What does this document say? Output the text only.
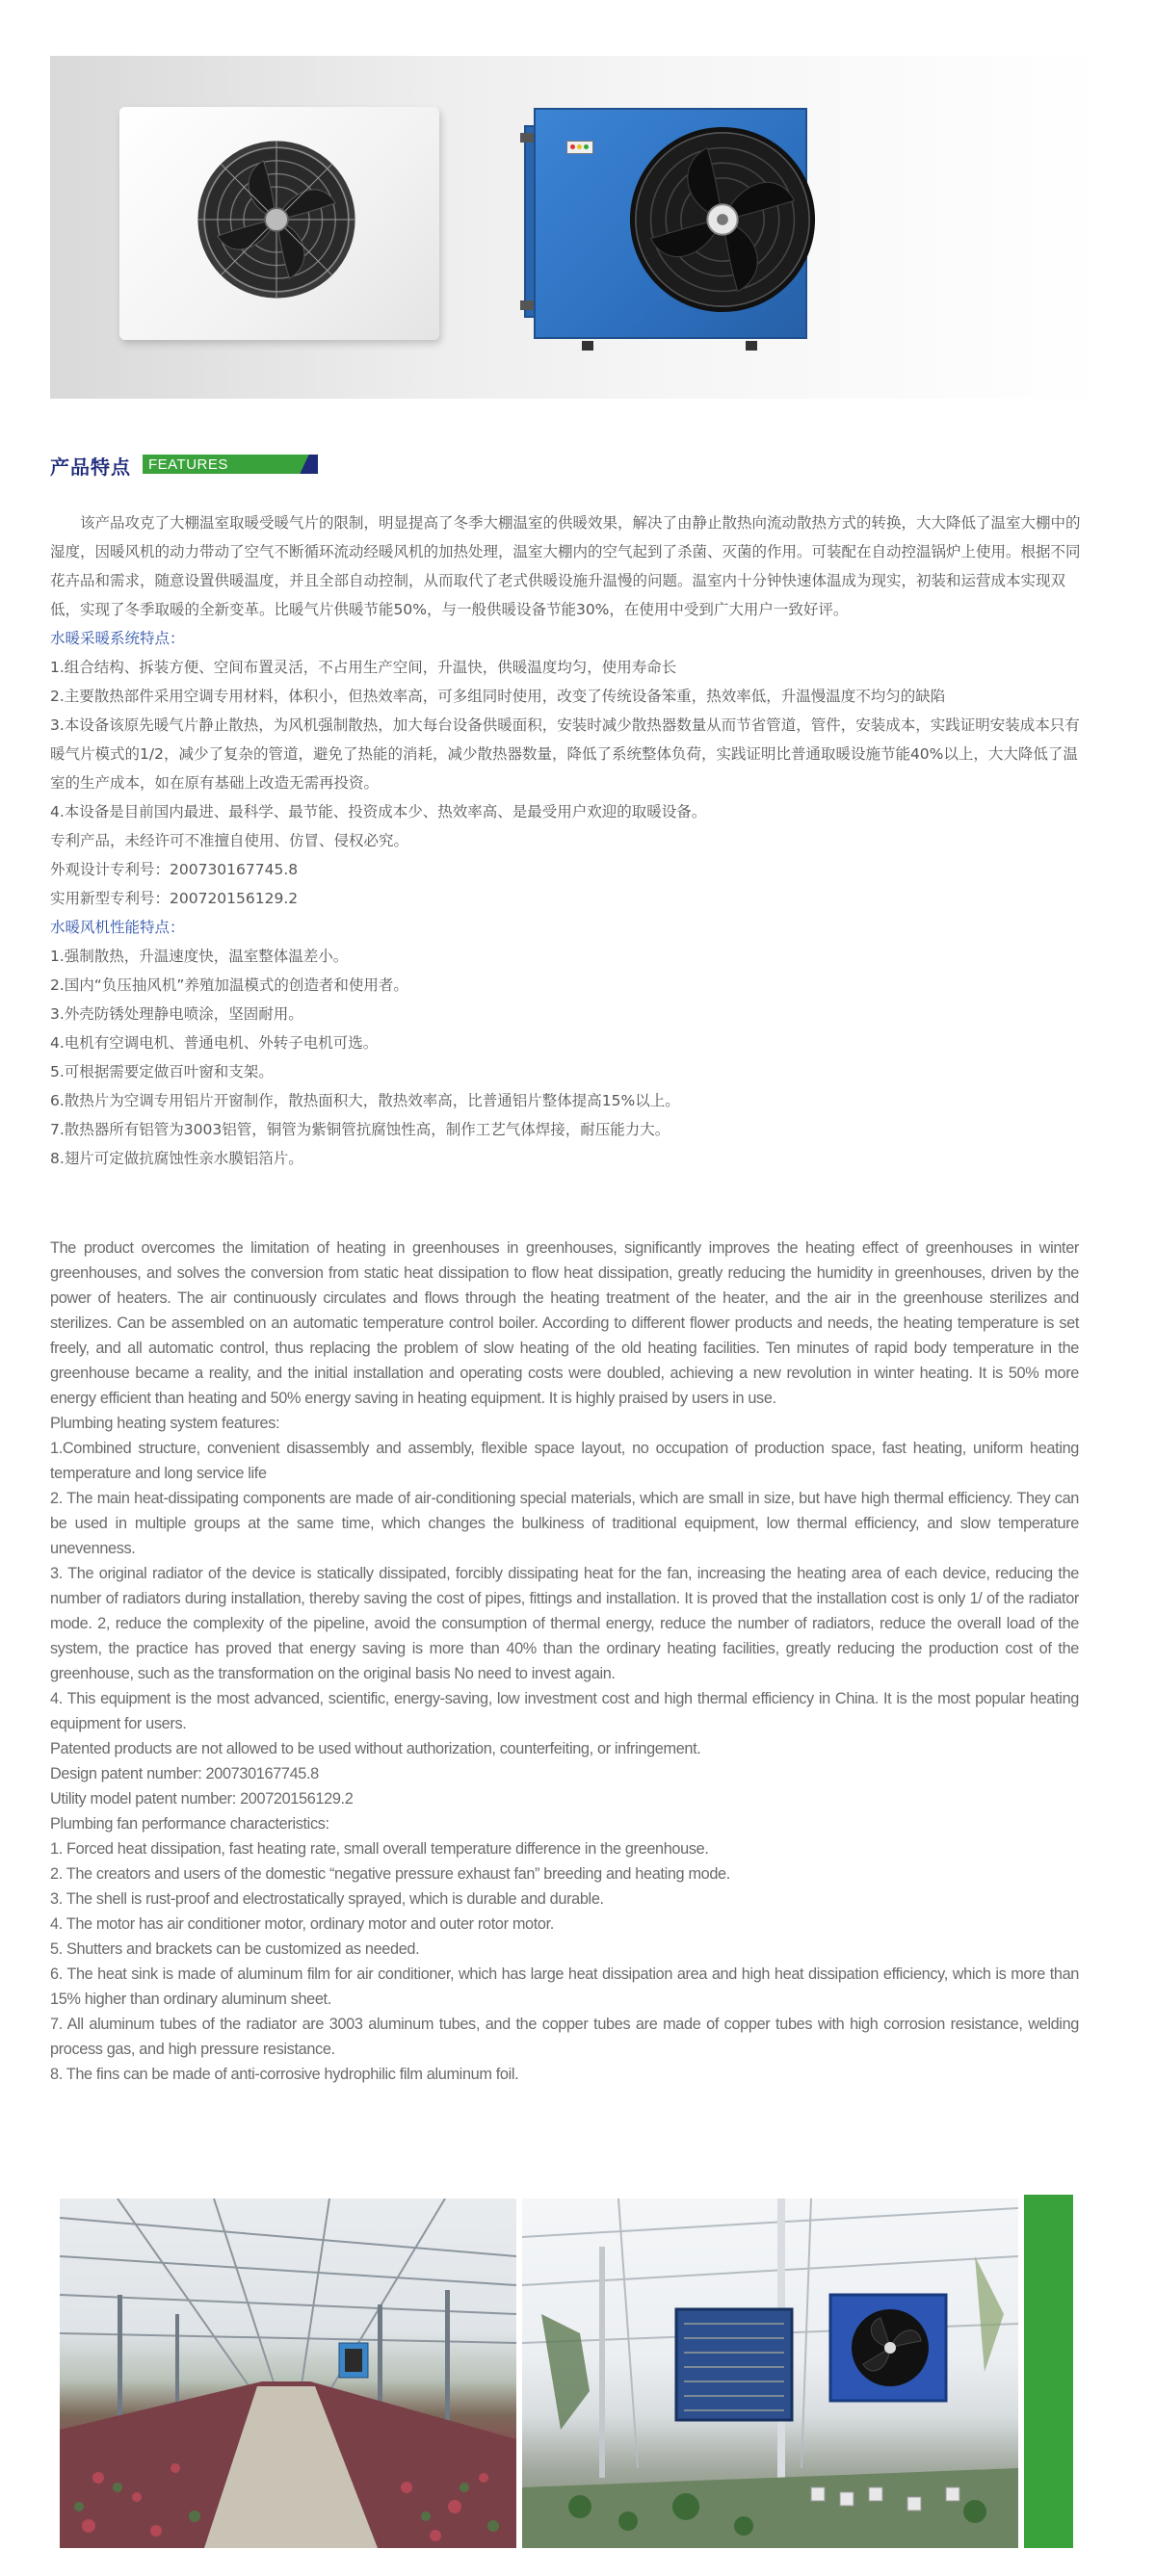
产品特点 FEATURES

该产品攻克了大棚温室取暖受暖气片的限制，明显提高了冬季大棚温室的供暖效果，解决了由静止散热向流动散热方式的转换，大大降低了温室大棚中的湿度，因暖风机的动力带动了空气不断循环流动经暖风机的加热处理，温室大棚内的空气起到了杀菌、灭菌的作用。可装配在自动控温锅炉上使用。根据不同花卉品和需求，随意设置供暖温度，并且全部自动控制，从而取代了老式供暖设施升温慢的问题。温室内十分钟快速体温成为现实，初装和运营成本实现双低，实现了冬季取暖的全新变革。比暖气片供暖节能50%，与一般供暖设备节能30%，在使用中受到广大用户一致好评。

水暖采暖系统特点：

1.组合结构、拆装方便、空间布置灵活，不占用生产空间，升温快，供暖温度均匀，使用寿命长

2.主要散热部件采用空调专用材料，体积小，但热效率高，可多组同时使用，改变了传统设备笨重，热效率低，升温慢温度不均匀的缺陷

3.本设备该原先暖气片静止散热，为风机强制散热，加大每台设备供暖面积，安装时减少散热器数量从而节省管道，管件，安装成本，实践证明安装成本只有暖气片模式的1/2，减少了复杂的管道，避免了热能的消耗，减少散热器数量，降低了系统整体负荷，实践证明比普通取暖设施节能40%以上，大大降低了温室的生产成本，如在原有基础上改造无需再投资。

4.本设备是目前国内最进、最科学、最节能、投资成本少、热效率高、是最受用户欢迎的取暖设备。

专利产品，未经许可不准擅自使用、仿冒、侵权必究。

外观设计专利号：200730167745.8

实用新型专利号：200720156129.2

水暖风机性能特点：

1.强制散热，升温速度快，温室整体温差小。

2.国内“负压抽风机”养殖加温模式的创造者和使用者。

3.外壳防锈处理静电喷涂，坚固耐用。

4.电机有空调电机、普通电机、外转子电机可选。

5.可根据需要定做百叶窗和支架。

6.散热片为空调专用铝片开窗制作，散热面积大，散热效率高，比普通铝片整体提高15%以上。

7.散热器所有铝管为3003铝管，铜管为紫铜管抗腐蚀性高，制作工艺气体焊接，耐压能力大。

8.翅片可定做抗腐蚀性亲水膜铝箔片。

The product overcomes the limitation of heating in greenhouses in greenhouses, significantly improves the heating effect of greenhouses in winter greenhouses, and solves the conversion from static heat dissipation to flow heat dissipation, greatly reducing the humidity in greenhouses, driven by the power of heaters. The air continuously circulates and flows through the heating treatment of the heater, and the air in the greenhouse sterilizes and sterilizes. Can be assembled on an automatic temperature control boiler. According to different flower products and needs, the heating temperature is set freely, and all automatic control, thus replacing the problem of slow heating of the old heating facilities. Ten minutes of rapid body temperature in the greenhouse became a reality, and the initial installation and operating costs were doubled, achieving a new revolution in winter heating. It is 50% more energy efficient than heating and 50% energy saving in heating equipment. It is highly praised by users in use.

Plumbing heating system features:

1.Combined structure, convenient disassembly and assembly, flexible space layout, no occupation of production space, fast heating, uniform heating temperature and long service life

2. The main heat-dissipating components are made of air-conditioning special materials, which are small in size, but have high thermal efficiency. They can be used in multiple groups at the same time, which changes the bulkiness of traditional equipment, low thermal efficiency, and slow temperature unevenness.

3. The original radiator of the device is statically dissipated, forcibly dissipating heat for the fan, increasing the heating area of each device, reducing the number of radiators during installation, thereby saving the cost of pipes, fittings and installation. It is proved that the installation cost is only 1/ of the radiator mode. 2, reduce the complexity of the pipeline, avoid the consumption of thermal energy, reduce the number of radiators, reduce the overall load of the system, the practice has proved that energy saving is more than 40% than the ordinary heating facilities, greatly reducing the production cost of the greenhouse, such as the transformation on the original basis No need to invest again.

4. This equipment is the most advanced, scientific, energy-saving, low investment cost and high thermal efficiency in China. It is the most popular heating equipment for users.

Patented products are not allowed to be used without authorization, counterfeiting, or infringement.

Design patent number: 200730167745.8

Utility model patent number: 200720156129.2

Plumbing fan performance characteristics:

1. Forced heat dissipation, fast heating rate, small overall temperature difference in the greenhouse.

2. The creators and users of the domestic “negative pressure exhaust fan” breeding and heating mode.

3. The shell is rust-proof and electrostatically sprayed, which is durable and durable.

4. The motor has air conditioner motor, ordinary motor and outer rotor motor.

5. Shutters and brackets can be customized as needed.

6. The heat sink is made of aluminum film for air conditioner, which has large heat dissipation area and high heat dissipation efficiency, which is more than 15% higher than ordinary aluminum sheet.

7. All aluminum tubes of the radiator are 3003 aluminum tubes, and the copper tubes are made of copper tubes with high corrosion resistance, welding process gas, and high pressure resistance.

8. The fins can be made of anti-corrosive hydrophilic film aluminum foil.
